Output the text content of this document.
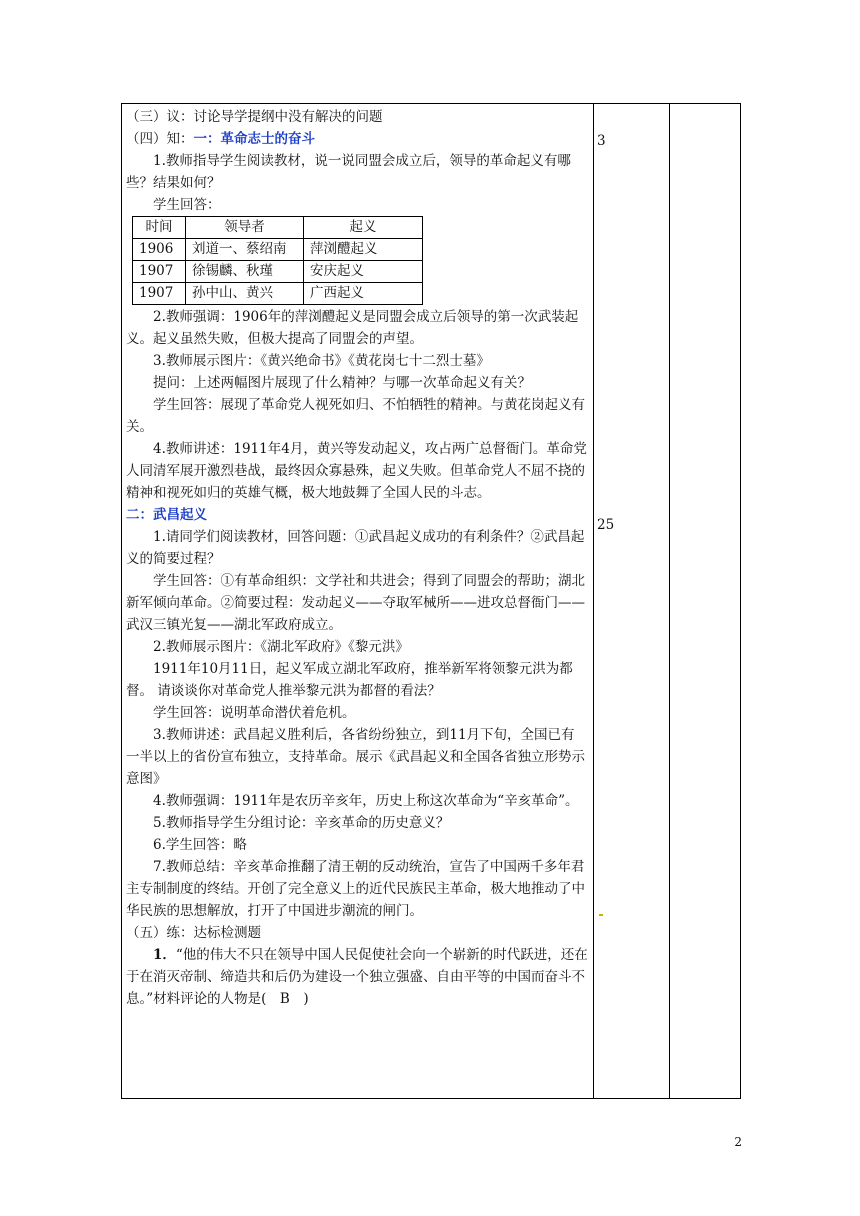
（三）议：讨论导学提纲中没有解决的问题

（四）知：一：革命志士的奋斗

1.教师指导学生阅读教材，说一说同盟会成立后，领导的革命起义有哪些？结果如何？

学生回答：

时间	领导者	起义
1906	刘道一、蔡绍南	萍浏醴起义
1907	徐锡麟、秋瑾	安庆起义
1907	孙中山、黄兴	广西起义

2.教师强调：1906年的萍浏醴起义是同盟会成立后领导的第一次武装起义。起义虽然失败，但极大提高了同盟会的声望。

3.教师展示图片：《黄兴绝命书》《黄花岗七十二烈士墓》

提问：上述两幅图片展现了什么精神？与哪一次革命起义有关？

学生回答：展现了革命党人视死如归、不怕牺牲的精神。与黄花岗起义有关。

4.教师讲述：1911年4月，黄兴等发动起义，攻占两广总督衙门。革命党人同清军展开激烈巷战，最终因众寡悬殊，起义失败。但革命党人不屈不挠的精神和视死如归的英雄气概，极大地鼓舞了全国人民的斗志。

二：武昌起义

1.请同学们阅读教材，回答问题：①武昌起义成功的有利条件？②武昌起义的简要过程？

学生回答：①有革命组织：文学社和共进会；得到了同盟会的帮助；湖北新军倾向革命。②简要过程：发动起义——夺取军械所——进攻总督衙门——武汉三镇光复——湖北军政府成立。

2.教师展示图片：《湖北军政府》《黎元洪》

1911年10月11日，起义军成立湖北军政府，推举新军将领黎元洪为都督。 请谈谈你对革命党人推举黎元洪为都督的看法？

学生回答：说明革命潜伏着危机。

3.教师讲述：武昌起义胜利后，各省纷纷独立，到11月下旬，全国已有一半以上的省份宣布独立，支持革命。展示《武昌起义和全国各省独立形势示意图》

4.教师强调：1911年是农历辛亥年，历史上称这次革命为“辛亥革命”。

5.教师指导学生分组讨论：辛亥革命的历史意义？

6.学生回答：略

7.教师总结：辛亥革命推翻了清王朝的反动统治，宣告了中国两千多年君主专制制度的终结。开创了完全意义上的近代民族民主革命，极大地推动了中华民族的思想解放，打开了中国进步潮流的闸门。

（五）练：达标检测题

1．“他的伟大不只在领导中国人民促使社会向一个崭新的时代跃进，还在于在消灭帝制、缔造共和后仍为建设一个独立强盛、自由平等的中国而奋斗不息。”材料评论的人物是(　B　)

3
25
2
